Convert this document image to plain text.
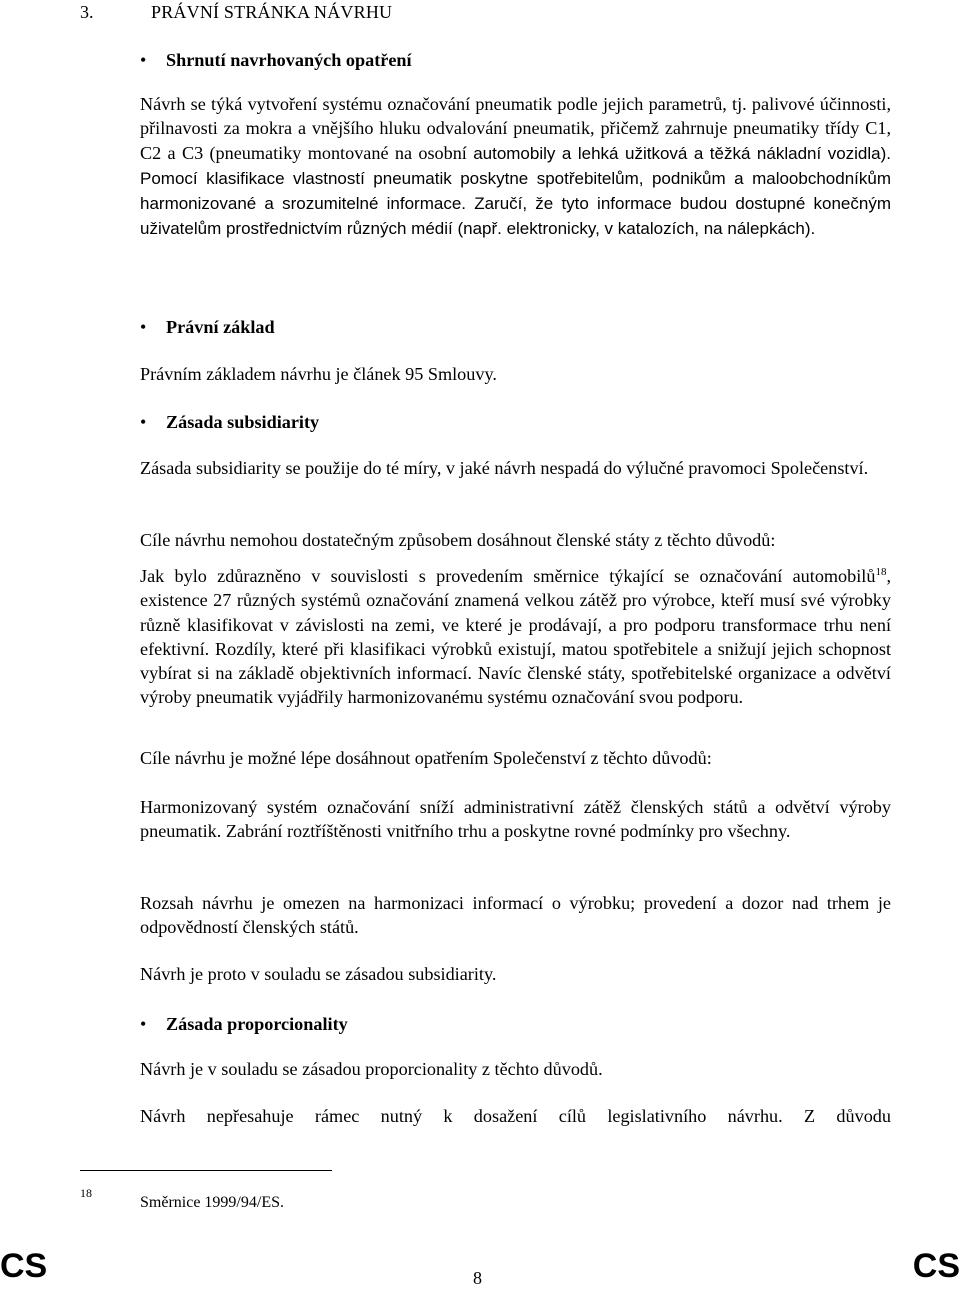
3.	PRÁVNÍ STRÁNKA NÁVRHU
• Shrnutí navrhovaných opatření
Návrh se týká vytvoření systému označování pneumatik podle jejich parametrů, tj. palivové účinnosti, přilnavosti za mokra a vnějšího hluku odvalování pneumatik, přičemž zahrnuje pneumatiky třídy C1, C2 a C3 (pneumatiky montované na osobní automobily a lehká užitková a těžká nákladní vozidla). Pomocí klasifikace vlastností pneumatik poskytne spotřebitelům, podnikům a maloobchodníkům harmonizované a srozumitelné informace. Zaručí, že tyto informace budou dostupné konečným uživatelům prostřednictvím různých médií (např. elektronicky, v katalozích, na nálepkách).
• Právní základ
Právním základem návrhu je článek 95 Smlouvy.
• Zásada subsidiarity
Zásada subsidiarity se použije do té míry, v jaké návrh nespadá do výlučné pravomoci Společenství.
Cíle návrhu nemohou dostatečným způsobem dosáhnout členské státy z těchto důvodů:
Jak bylo zdůrazněno v souvislosti s provedením směrnice týkající se označování automobilů$^{18}$, existence 27 různých systémů označování znamená velkou zátěž pro výrobce, kteří musí své výrobky různě klasifikovat v závislosti na zemi, ve které je prodávají, a pro podporu transformace trhu není efektivní. Rozdíly, které při klasifikaci výrobků existují, matou spotřebitele a snižují jejich schopnost vybírat si na základě objektivních informací. Navíc členské státy, spotřebitelské organizace a odvětví výroby pneumatik vyjádřily harmonizovanému systému označování svou podporu.
Cíle návrhu je možné lépe dosáhnout opatřením Společenství z těchto důvodů:
Harmonizovaný systém označování sníží administrativní zátěž členských států a odvětví výroby pneumatik. Zabrání roztříštěnosti vnitřního trhu a poskytne rovné podmínky pro všechny.
Rozsah návrhu je omezen na harmonizaci informací o výrobku; provedení a dozor nad trhem je odpovědností členských států.
Návrh je proto v souladu se zásadou subsidiarity.
• Zásada proporcionality
Návrh je v souladu se zásadou proporcionality z těchto důvodů.
Návrh nepřesahuje rámec nutný k dosažení cílů legislativního návrhu. Z důvodu
18
Směrnice 1999/94/ES.
CS	8	CS
